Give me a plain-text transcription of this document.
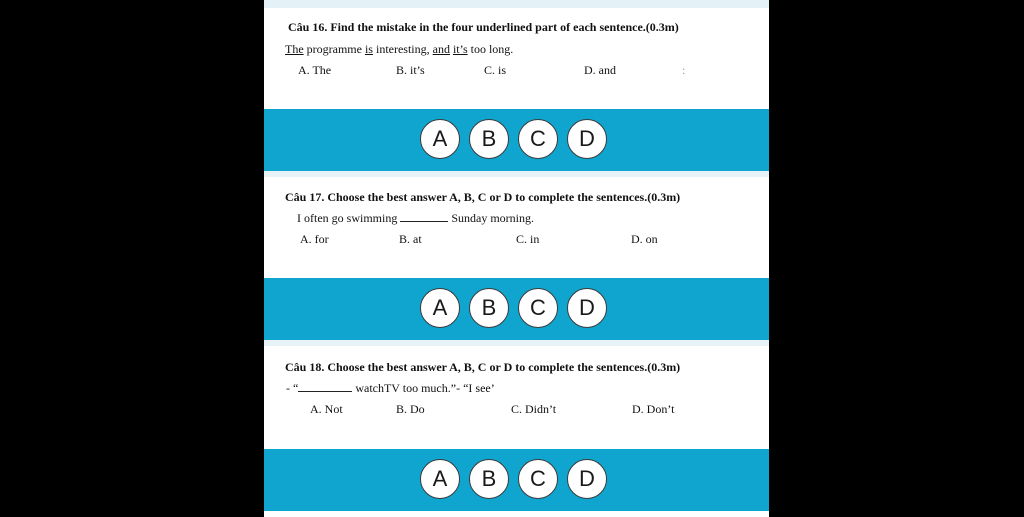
Câu 16. Find the mistake in the four underlined part of each sentence.(0.3m)
The programme is interesting, and it’s too long.
A. The	B. it’s	C. is	D. and	:
A	B	C	D
Câu 17. Choose the best answer A, B, C or D to complete the sentences.(0.3m)
I often go swimming	Sunday morning.
A. for	B. at	C. in	D. on
A	B	C	D
Câu 18. Choose the best answer A, B, C or D to complete the sentences.(0.3m)
- “	watchTV too much.”- “I see’
A. Not	B. Do	C. Didn’t	D. Don’t
A	B	C	D
